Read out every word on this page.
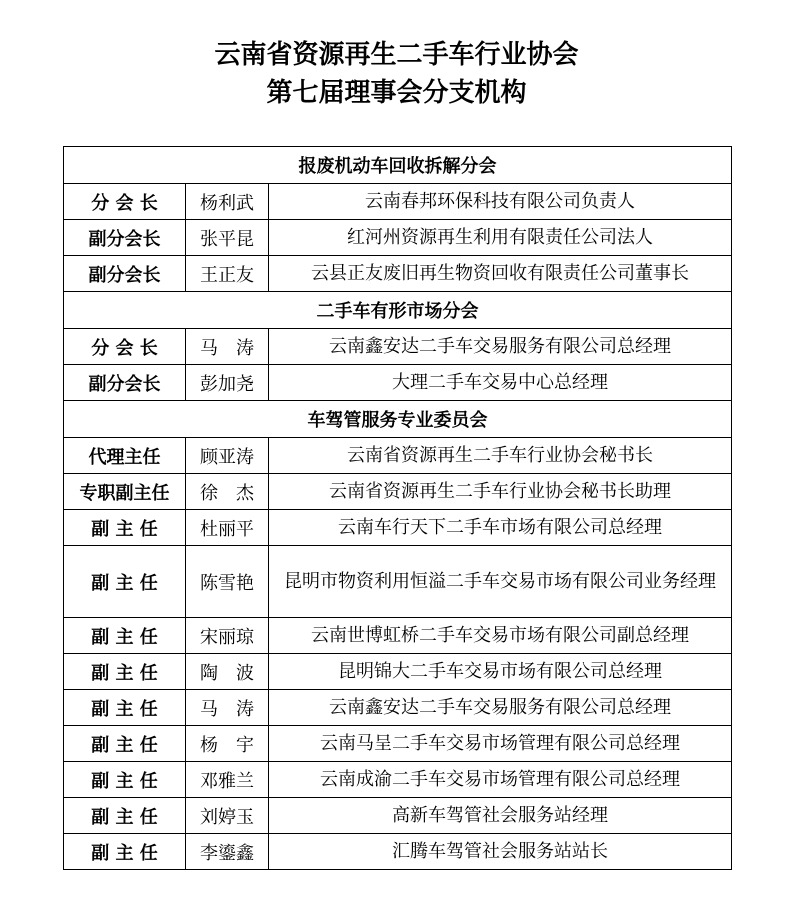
云南省资源再生二手车行业协会
第七届理事会分支机构
报废机动车回收拆解分会		
分 会 长	杨利武	云南春邦环保科技有限公司负责人
副分会长	张平昆	红河州资源再生利用有限责任公司法人
副分会长	王正友	云县正友废旧再生物资回收有限责任公司董事长
二手车有形市场分会		
分 会 长	马　涛	云南鑫安达二手车交易服务有限公司总经理
副分会长	彭加尧	大理二手车交易中心总经理
车驾管服务专业委员会		
代理主任	顾亚涛	云南省资源再生二手车行业协会秘书长
专职副主任	徐　杰	云南省资源再生二手车行业协会秘书长助理
副 主 任	杜丽平	云南车行天下二手车市场有限公司总经理
副 主 任	陈雪艳	昆明市物资利用恒溢二手车交易市场有限公司业务经理
副 主 任	宋丽琼	云南世博虹桥二手车交易市场有限公司副总经理
副 主 任	陶　波	昆明锦大二手车交易市场有限公司总经理
副 主 任	马　涛	云南鑫安达二手车交易服务有限公司总经理
副 主 任	杨　宇	云南马呈二手车交易市场管理有限公司总经理
副 主 任	邓雅兰	云南成渝二手车交易市场管理有限公司总经理
副 主 任	刘婷玉	高新车驾管社会服务站经理
副 主 任	李鎏鑫	汇腾车驾管社会服务站站长
